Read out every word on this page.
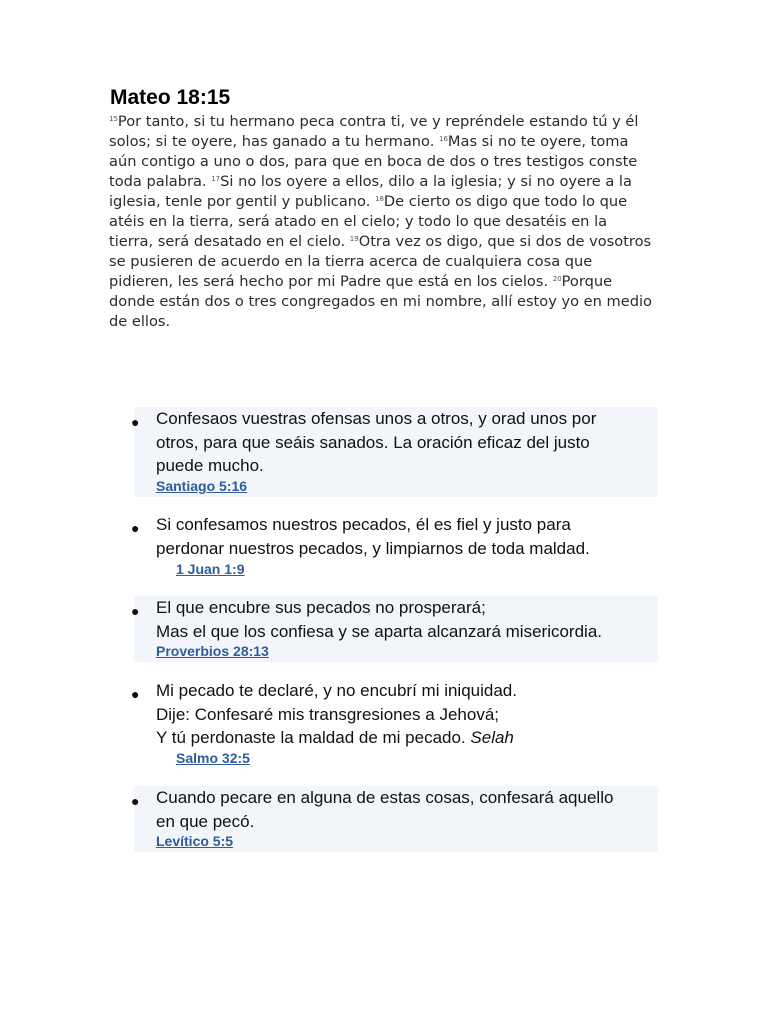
Mateo 18:15
$^{15}$Por tanto, si tu hermano peca contra ti, ve y repréndele estando tú y él solos; si te oyere, has ganado a tu hermano. $^{16}$Mas si no te oyere, toma aún contigo a uno o dos, para que en boca de dos o tres testigos conste toda palabra. $^{17}$Si no los oyere a ellos, dilo a la iglesia; y si no oyere a la iglesia, tenle por gentil y publicano. $^{18}$De cierto os digo que todo lo que atéis en la tierra, será atado en el cielo; y todo lo que desatéis en la tierra, será desatado en el cielo. $^{19}$Otra vez os digo, que si dos de vosotros se pusieren de acuerdo en la tierra acerca de cualquiera cosa que pidieren, les será hecho por mi Padre que está en los cielos. $^{20}$Porque donde están dos o tres congregados en mi nombre, allí estoy yo en medio de ellos.
● Confesaos vuestras ofensas unos a otros, y orad unos por
otros, para que seáis sanados. La oración eficaz del justo
puede mucho.
Santiago 5:16
● Si confesamos nuestros pecados, él es fiel y justo para
perdonar nuestros pecados, y limpiarnos de toda maldad.
1 Juan 1:9
● El que encubre sus pecados no prosperará;
Mas el que los confiesa y se aparta alcanzará misericordia.
Proverbios 28:13
● Mi pecado te declaré, y no encubrí mi iniquidad.
Dije: Confesaré mis transgresiones a Jehová;
Y tú perdonaste la maldad de mi pecado. Selah
Salmo 32:5
● Cuando pecare en alguna de estas cosas, confesará aquello
en que pecó.
Levítico 5:5
